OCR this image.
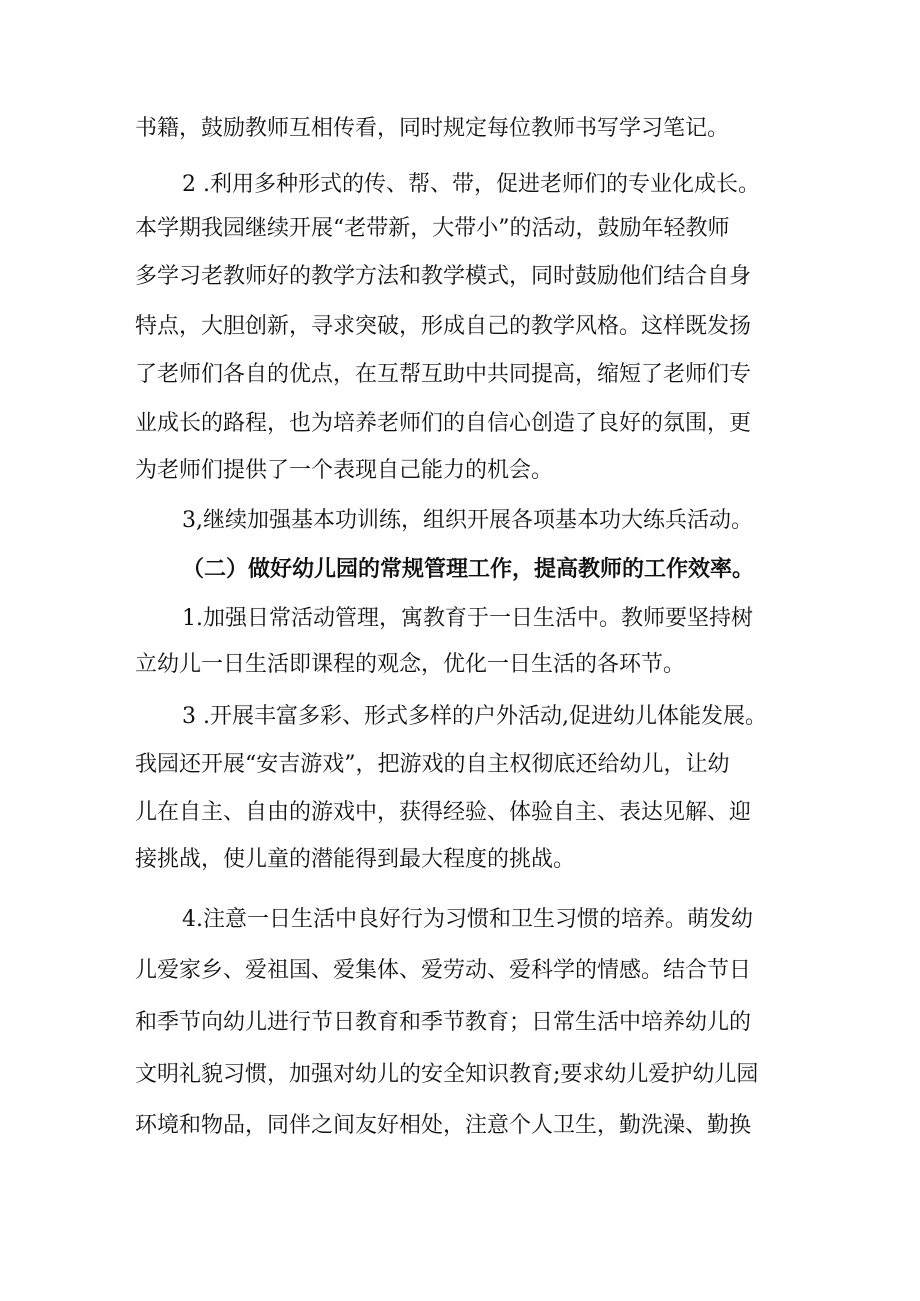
书籍，鼓励教师互相传看，同时规定每位教师书写学习笔记。
2 .利用多种形式的传、帮、带，促进老师们的专业化成长。
本学期我园继续开展“老带新，大带小”的活动，鼓励年轻教师
多学习老教师好的教学方法和教学模式，同时鼓励他们结合自身
特点，大胆创新，寻求突破，形成自己的教学风格。这样既发扬
了老师们各自的优点，在互帮互助中共同提高，缩短了老师们专
业成长的路程，也为培养老师们的自信心创造了良好的氛围，更
为老师们提供了一个表现自己能力的机会。
3,继续加强基本功训练，组织开展各项基本功大练兵活动。
（二）做好幼儿园的常规管理工作，提高教师的工作效率。
1.加强日常活动管理，寓教育于一日生活中。教师要坚持树
立幼儿一日生活即课程的观念，优化一日生活的各环节。
3 .开展丰富多彩、形式多样的户外活动,促进幼儿体能发展。
我园还开展“安吉游戏”，把游戏的自主权彻底还给幼儿，让幼
儿在自主、自由的游戏中，获得经验、体验自主、表达见解、迎
接挑战，使儿童的潜能得到最大程度的挑战。
4.注意一日生活中良好行为习惯和卫生习惯的培养。萌发幼
儿爱家乡、爱祖国、爱集体、爱劳动、爱科学的情感。结合节日
和季节向幼儿进行节日教育和季节教育；日常生活中培养幼儿的
文明礼貌习惯，加强对幼儿的安全知识教育;要求幼儿爱护幼儿园
环境和物品，同伴之间友好相处，注意个人卫生，勤洗澡、勤换
